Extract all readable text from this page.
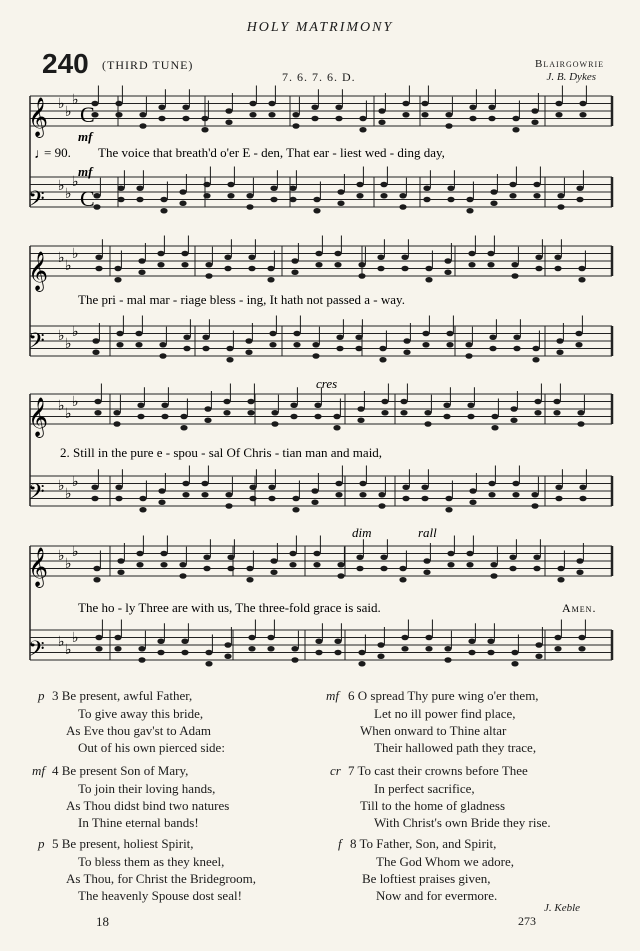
HOLY MATRIMONY
240 (THIRD TUNE)
7. 6. 7. 6. D.
Blairgowrie
J. B. Dykes
𝄞
𝄢
𝄞
𝄢
𝄞
𝄢
𝄞
𝄢
♭
♭
♭
♭
♭
♭
♭
♭
♭
♭
♭
♭
♭
♭
♭
♭
♭
♭
♭
♭
♭
♭
♭
♭
C
C
♩
= 90.
mf
mf
cres
dim	rall
The voice that breath'd o'er E - den, That ear - liest wed - ding day,
The pri - mal mar - riage bless - ing, It hath not passed a - way.
2. Still in the pure e - spou - sal Of Chris - tian man and maid,
The ho - ly Three are with us, The three-fold grace is said.	Amen.
p 3 Be present, awful Father,
To give away this bride,
As Eve thou gav'st to Adam
Out of his own pierced side:
mf 4 Be present Son of Mary,
To join their loving hands,
As Thou didst bind two natures
In Thine eternal bands!
p 5 Be present, holiest Spirit,
To bless them as they kneel,
As Thou, for Christ the Bridegroom,
The heavenly Spouse dost seal!
mf 6 O spread Thy pure wing o'er them,
Let no ill power find place,
When onward to Thine altar
Their hallowed path they trace,
cr 7 To cast their crowns before Thee
In perfect sacrifice,
Till to the home of gladness
With Christ's own Bride they rise.
f 8 To Father, Son, and Spirit,
The God Whom we adore,
Be loftiest praises given,
Now and for evermore.
J. Keble
18	273
